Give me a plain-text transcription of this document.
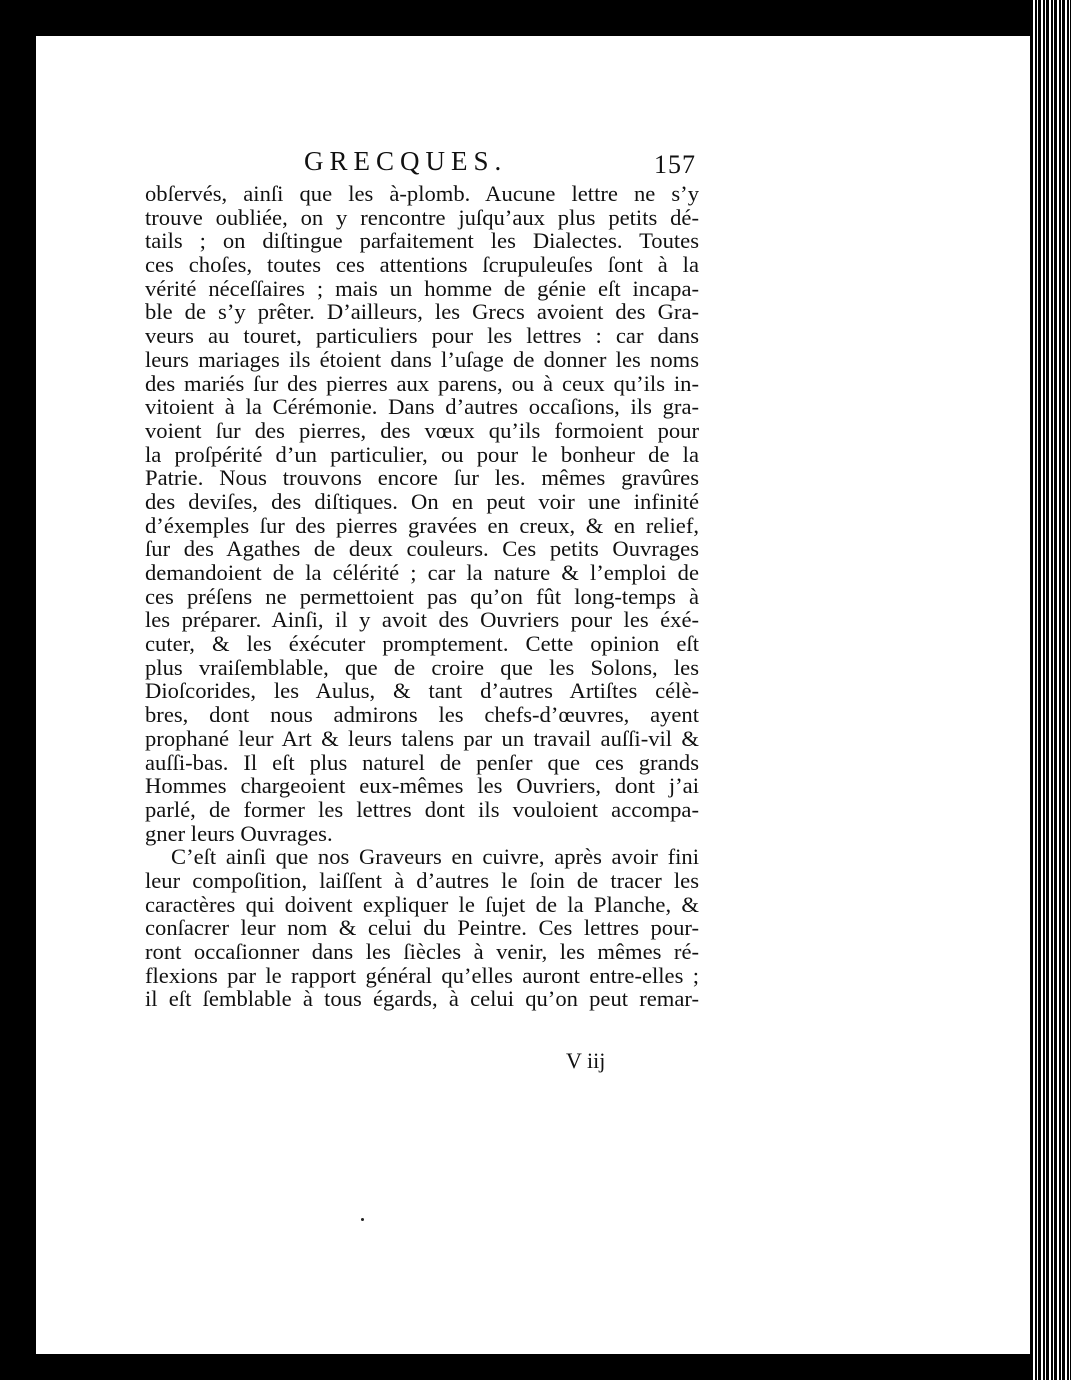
GRECQUES.	157
obſervés, ainſi que les à-plomb. Aucune lettre ne s’y
trouve oubliée, on y rencontre juſqu’aux plus petits dé-
tails ; on diſtingue parfaitement les Dialectes. Toutes
ces choſes, toutes ces attentions ſcrupuleuſes ſont à la
vérité néceſſaires ; mais un homme de génie eſt incapa-
ble de s’y prêter. D’ailleurs, les Grecs avoient des Gra-
veurs au touret, particuliers pour les lettres : car dans
leurs mariages ils étoient dans l’uſage de donner les noms
des mariés ſur des pierres aux parens, ou à ceux qu’ils in-
vitoient à la Cérémonie. Dans d’autres occaſions, ils gra-
voient ſur des pierres, des vœux qu’ils formoient pour
la proſpérité d’un particulier, ou pour le bonheur de la
Patrie. Nous trouvons encore ſur les. mêmes gravûres
des deviſes, des diſtiques. On en peut voir une infinité
d’éxemples ſur des pierres gravées en creux, & en relief,
ſur des Agathes de deux couleurs. Ces petits Ouvrages
demandoient de la célérité ; car la nature & l’emploi de
ces préſens ne permettoient pas qu’on fût long-temps à
les préparer. Ainſi, il y avoit des Ouvriers pour les éxé-
cuter, & les éxécuter promptement. Cette opinion eſt
plus vraiſemblable, que de croire que les Solons, les
Dioſcorides, les Aulus, & tant d’autres Artiſtes célè-
bres, dont nous admirons les chefs-d’œuvres, ayent
prophané leur Art & leurs talens par un travail auſſi-vil &
auſſi-bas. Il eſt plus naturel de penſer que ces grands
Hommes chargeoient eux-mêmes les Ouvriers, dont j’ai
parlé, de former les lettres dont ils vouloient accompa-
gner leurs Ouvrages.
C’eſt ainſi que nos Graveurs en cuivre, après avoir fini
leur compoſition, laiſſent à d’autres le ſoin de tracer les
caractères qui doivent expliquer le ſujet de la Planche, &
conſacrer leur nom & celui du Peintre. Ces lettres pour-
ront occaſionner dans les ſiècles à venir, les mêmes ré-
flexions par le rapport général qu’elles auront entre-elles ;
il eſt ſemblable à tous égards, à celui qu’on peut remar-
V iij
